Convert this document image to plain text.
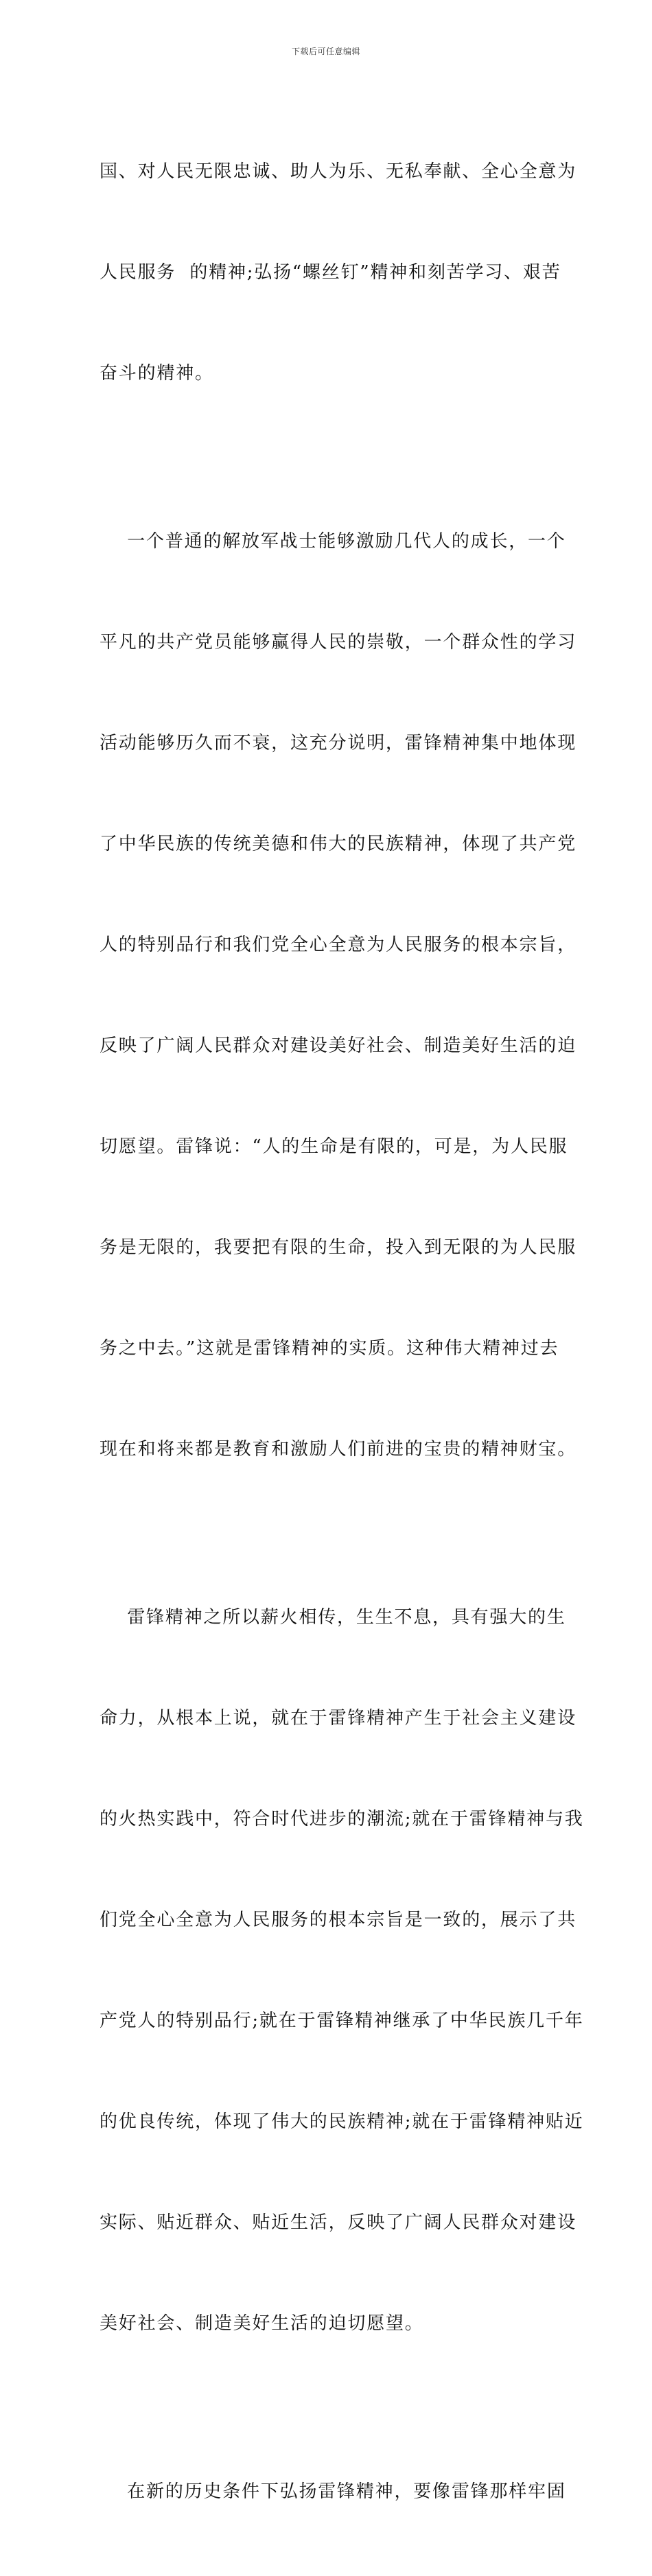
下载后可任意编辑

国、对人民无限忠诚、助人为乐、无私奉献、全心全意为

人民服务  的精神;弘扬“螺丝钉”精神和刻苦学习、艰苦

奋斗的精神。

一个普通的解放军战士能够激励几代人的成长，一个

平凡的共产党员能够赢得人民的崇敬，一个群众性的学习

活动能够历久而不衰，这充分说明，雷锋精神集中地体现

了中华民族的传统美德和伟大的民族精神，体现了共产党

人的特别品行和我们党全心全意为人民服务的根本宗旨，

反映了广阔人民群众对建设美好社会、制造美好生活的迫

切愿望。雷锋说：“人的生命是有限的，可是，为人民服

务是无限的，我要把有限的生命，投入到无限的为人民服

务之中去。”这就是雷锋精神的实质。这种伟大精神过去

现在和将来都是教育和激励人们前进的宝贵的精神财宝。

雷锋精神之所以薪火相传，生生不息，具有强大的生

命力，从根本上说，就在于雷锋精神产生于社会主义建设

的火热实践中，符合时代进步的潮流;就在于雷锋精神与我

们党全心全意为人民服务的根本宗旨是一致的，展示了共

产党人的特别品行;就在于雷锋精神继承了中华民族几千年

的优良传统，体现了伟大的民族精神;就在于雷锋精神贴近

实际、贴近群众、贴近生活，反映了广阔人民群众对建设

美好社会、制造美好生活的迫切愿望。

在新的历史条件下弘扬雷锋精神，要像雷锋那样牢固
